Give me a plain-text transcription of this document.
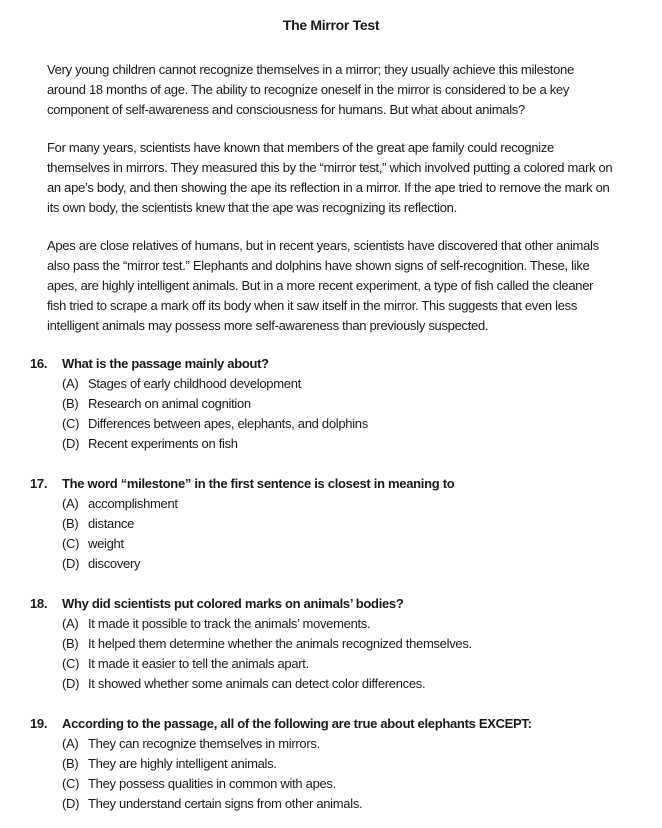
The Mirror Test

Very young children cannot recognize themselves in a mirror; they usually achieve this milestone around 18 months of age. The ability to recognize oneself in the mirror is considered to be a key component of self-awareness and consciousness for humans. But what about animals?

For many years, scientists have known that members of the great ape family could recognize themselves in mirrors. They measured this by the “mirror test,” which involved putting a colored mark on an ape’s body, and then showing the ape its reflection in a mirror. If the ape tried to remove the mark on its own body, the scientists knew that the ape was recognizing its reflection.

Apes are close relatives of humans, but in recent years, scientists have discovered that other animals also pass the “mirror test.” Elephants and dolphins have shown signs of self-recognition. These, like apes, are highly intelligent animals. But in a more recent experiment, a type of fish called the cleaner fish tried to scrape a mark off its body when it saw itself in the mirror. This suggests that even less intelligent animals may possess more self-awareness than previously suspected.

16.	What is the passage mainly about?
(A) Stages of early childhood development
(B) Research on animal cognition
(C) Differences between apes, elephants, and dolphins
(D) Recent experiments on fish
17.	The word “milestone” in the first sentence is closest in meaning to
(A) accomplishment
(B) distance
(C) weight
(D) discovery
18.	Why did scientists put colored marks on animals’ bodies?
(A) It made it possible to track the animals’ movements.
(B) It helped them determine whether the animals recognized themselves.
(C) It made it easier to tell the animals apart.
(D) It showed whether some animals can detect color differences.
19.	According to the passage, all of the following are true about elephants EXCEPT:
(A) They can recognize themselves in mirrors.
(B) They are highly intelligent animals.
(C) They possess qualities in common with apes.
(D) They understand certain signs from other animals.
